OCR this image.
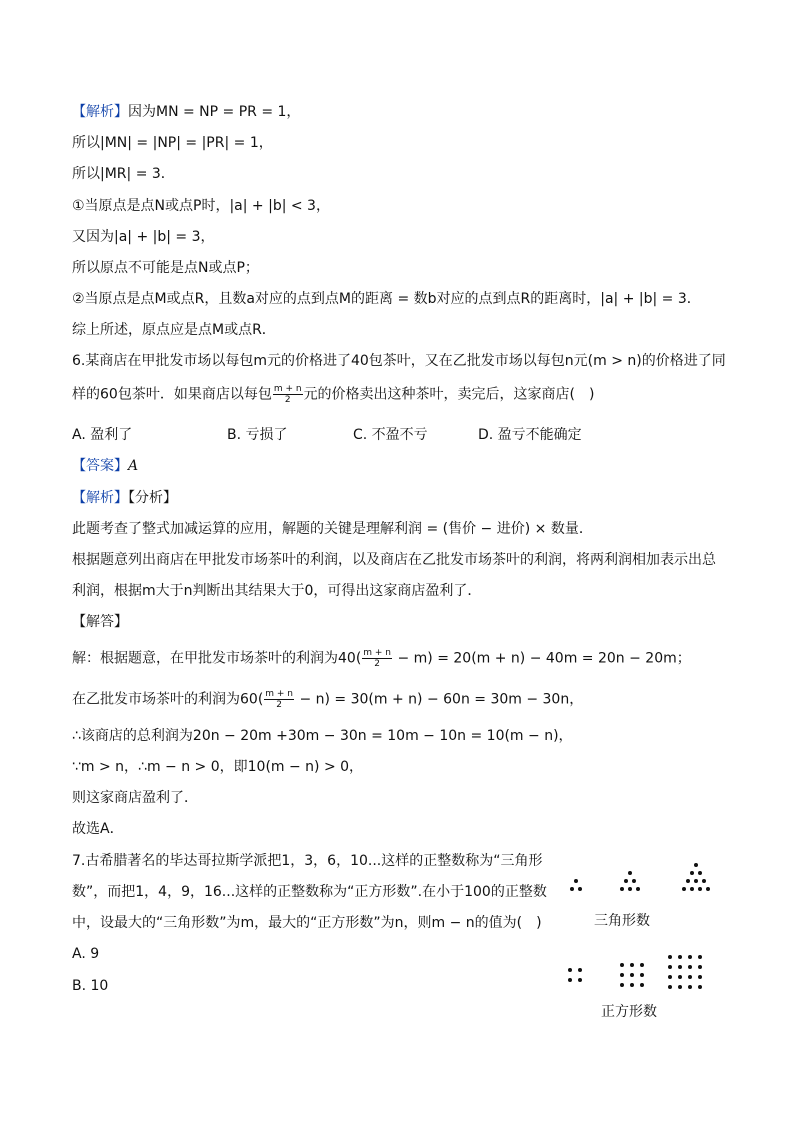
【解析】因为MN = NP = PR = 1，
所以|MN| = |NP| = |PR| = 1，
所以|MR| = 3．
①当原点是点N或点P时，|a| + |b| < 3，
又因为|a| + |b| = 3，
所以原点不可能是点N或点P；
②当原点是点M或点R，且数a对应的点到点M的距离 = 数b对应的点到点R的距离时，|a| + |b| = 3．
综上所述，原点应是点M或点R．
6.某商店在甲批发市场以每包m元的价格进了40包茶叶，又在乙批发市场以每包n元(m > n)的价格进了同
样的60包茶叶．如果商店以每包 $\frac{m + n}{2}$ 元的价格卖出这种茶叶，卖完后，这家商店(　)
A. 盈利了	B. 亏损了	C. 不盈不亏	D. 盈亏不能确定
【答案】A
【解析】【分析】
此题考查了整式加减运算的应用，解题的关键是理解利润 = (售价 − 进价) × 数量．
根据题意列出商店在甲批发市场茶叶的利润，以及商店在乙批发市场茶叶的利润，将两利润相加表示出总
利润，根据m大于n判断出其结果大于0，可得出这家商店盈利了．
【解答】
解：根据题意，在甲批发市场茶叶的利润为$40( \frac{m + n}{2} - m) = 20(m + n) - 40m = 20n - 20m$；
在乙批发市场茶叶的利润为$60( \frac{m + n}{2} - n) = 30(m + n) - 60n = 30m - 30n$，
∴该商店的总利润为20n − 20m +30m − 30n = 10m − 10n = 10(m − n)，
∵m > n，∴m − n > 0，即10(m − n) > 0，
则这家商店盈利了．
故选A．
7.古希腊著名的毕达哥拉斯学派把1，3，6，10...这样的正整数称为“三角形
数”，而把1，4，9，16...这样的正整数称为“正方形数”.在小于100的正整数
中，设最大的“三角形数”为m，最大的“正方形数”为n，则m − n的值为(　)
A. 9
B. 10
三角形数
正方形数
